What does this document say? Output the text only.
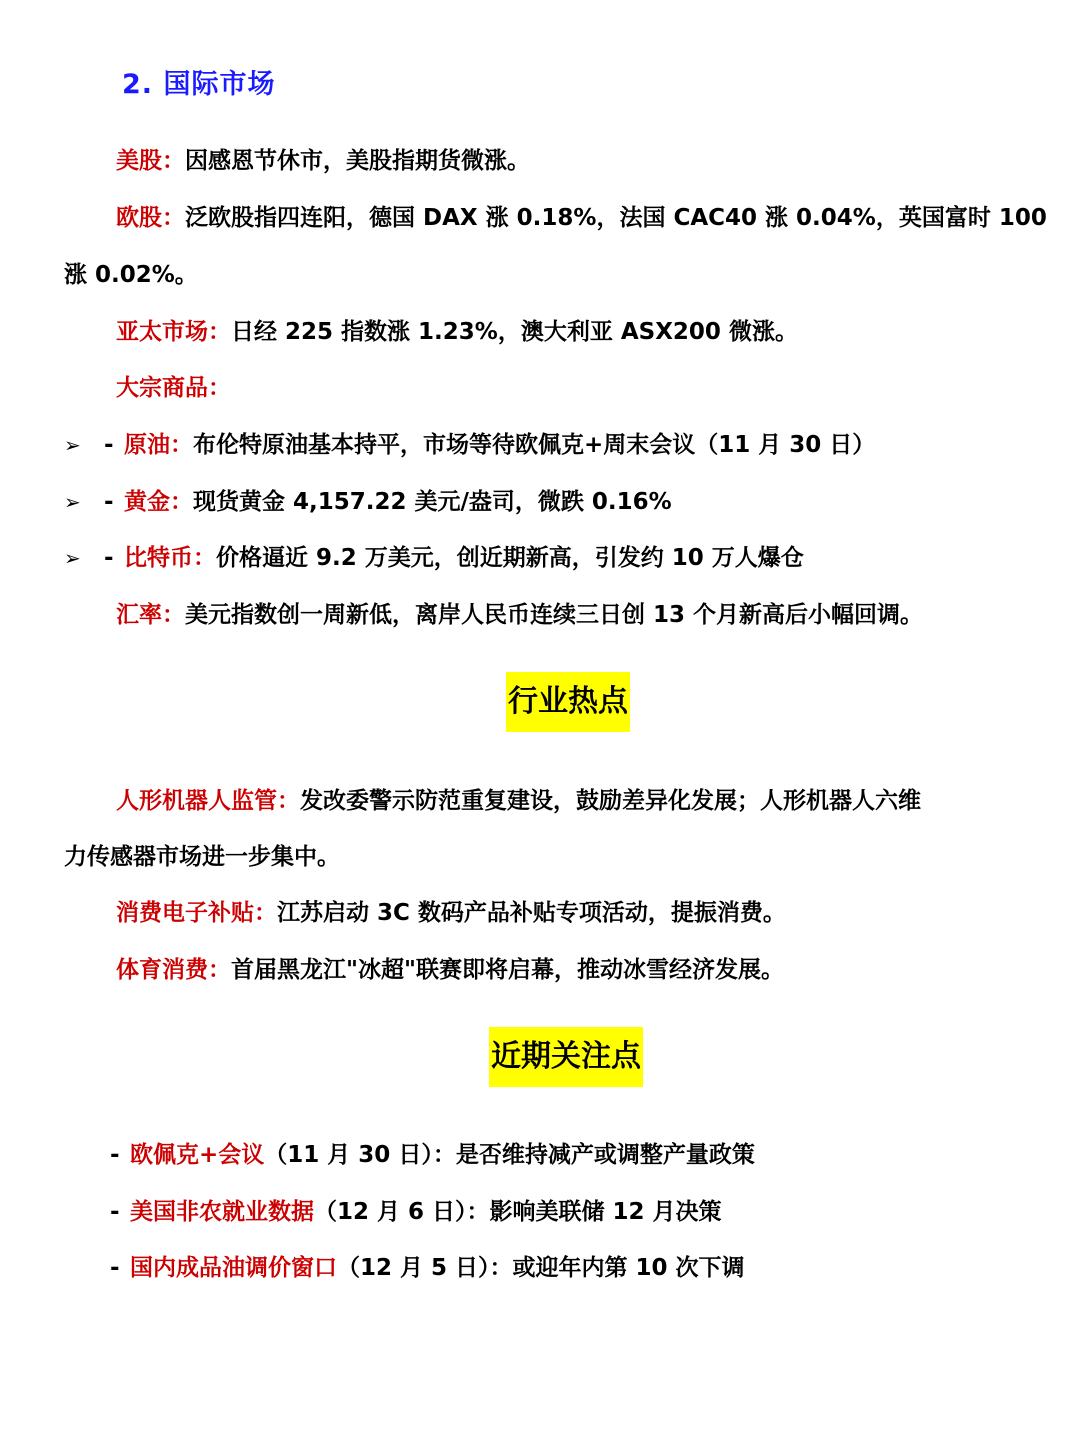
2. 国际市场
美股：因感恩节休市，美股指期货微涨。
欧股：泛欧股指四连阳，德国 DAX 涨 0.18%，法国 CAC40 涨 0.04%，英国富时 100
涨 0.02%。
亚太市场：日经 225 指数涨 1.23%，澳大利亚 ASX200 微涨。
大宗商品：
➢ - 原油：布伦特原油基本持平，市场等待欧佩克+周末会议（11 月 30 日）
➢ - 黄金：现货黄金 4,157.22 美元/盎司，微跌 0.16%
➢ - 比特币：价格逼近 9.2 万美元，创近期新高，引发约 10 万人爆仓
汇率：美元指数创一周新低，离岸人民币连续三日创 13 个月新高后小幅回调。
行业热点
人形机器人监管：发改委警示防范重复建设，鼓励差异化发展；人形机器人六维
力传感器市场进一步集中。
消费电子补贴：江苏启动 3C 数码产品补贴专项活动，提振消费。
体育消费：首届黑龙江"冰超"联赛即将启幕，推动冰雪经济发展。
近期关注点
- 欧佩克+会议（11 月 30 日）：是否维持减产或调整产量政策
- 美国非农就业数据（12 月 6 日）：影响美联储 12 月决策
- 国内成品油调价窗口（12 月 5 日）：或迎年内第 10 次下调
